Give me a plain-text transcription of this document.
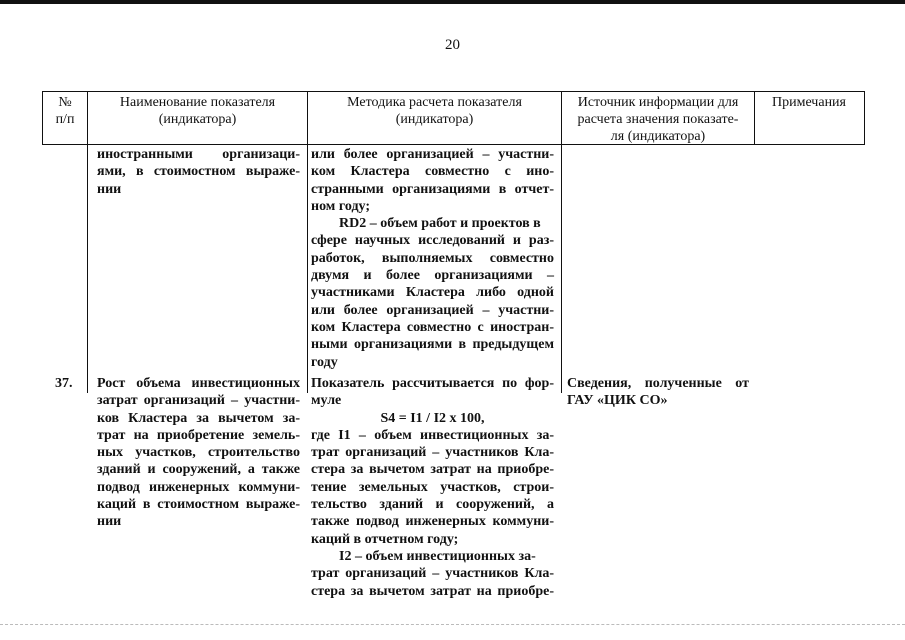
20
№
п/п
Наименование показателя
(индикатора)
Методика расчета показателя
(индикатора)
Источник информации для
расчета значения показате-
ля (индикатора)
Примечания
иностранными организаци-
ями, в стоимостном выраже-
нии
или более организацией – участни-
ком Кластера совместно с ино-
странными организациями в отчет-
ном году;
RD2 – объем работ и проектов в
сфере научных исследований и раз-
работок, выполняемых совместно
двумя и более организациями –
участниками Кластера либо одной
или более организацией – участни-
ком Кластера совместно с иностран-
ными организациями в предыдущем
году
37.	Рост объема инвестиционных
затрат организаций – участни-
ков Кластера за вычетом за-
трат на приобретение земель-
ных участков, строительство
зданий и сооружений, а также
подвод инженерных коммуни-
каций в стоимостном выраже-
нии
Показатель рассчитывается по фор-
муле
S4 = I1 / I2 x 100,
где I1 – объем инвестиционных за-
трат организаций – участников Кла-
стера за вычетом затрат на приобре-
тение земельных участков, строи-
тельство зданий и сооружений, а
также подвод инженерных коммуни-
каций в отчетном году;
I2 – объем инвестиционных за-
трат организаций – участников Кла-
стера за вычетом затрат на приобре-
Сведения, полученные от
ГАУ «ЦИК СО»
